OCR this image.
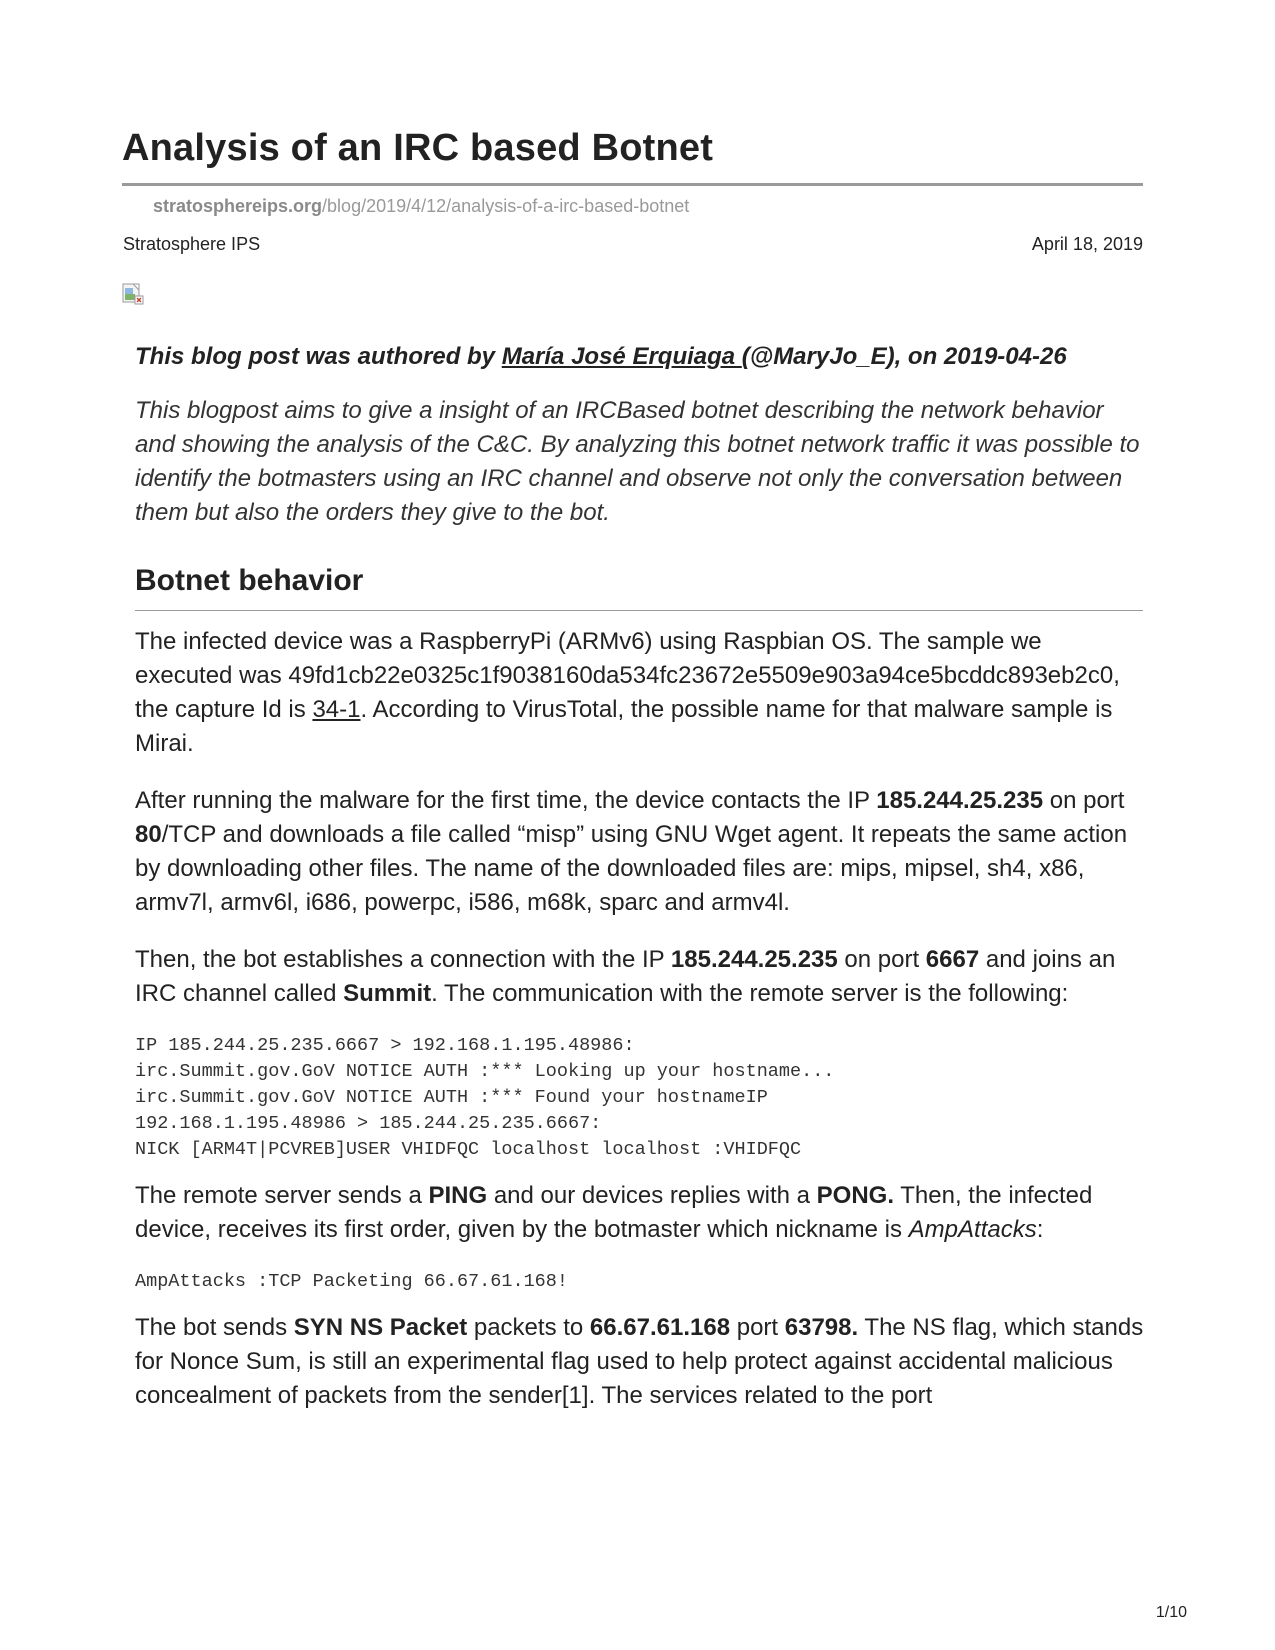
Analysis of an IRC based Botnet
stratosphereips.org/blog/2019/4/12/analysis-of-a-irc-based-botnet
Stratosphere IPS	April 18, 2019

This blog post was authored by María José Erquiaga (@MaryJo_E), on 2019-04-26

This blogpost aims to give a insight of an IRCBased botnet describing the network behavior and showing the analysis of the C&C. By analyzing this botnet network traffic it was possible to identify the botmasters using an IRC channel and observe not only the conversation between them but also the orders they give to the bot.

Botnet behavior

The infected device was a RaspberryPi (ARMv6) using Raspbian OS. The sample we executed was 49fd1cb22e0325c1f9038160da534fc23672e5509e903a94ce5bcddc893eb2c0, the capture Id is 34-1. According to VirusTotal, the possible name for that malware sample is Mirai.

After running the malware for the first time, the device contacts the IP 185.244.25.235 on port 80/TCP and downloads a file called “misp” using GNU Wget agent. It repeats the same action by downloading other files. The name of the downloaded files are: mips, mipsel, sh4, x86, armv7l, armv6l, i686, powerpc, i586, m68k, sparc and armv4l.

Then, the bot establishes a connection with the IP 185.244.25.235 on port 6667 and joins an IRC channel called Summit. The communication with the remote server is the following:

IP 185.244.25.235.6667 > 192.168.1.195.48986:
irc.Summit.gov.GoV NOTICE AUTH :*** Looking up your hostname...
irc.Summit.gov.GoV NOTICE AUTH :*** Found your hostnameIP
192.168.1.195.48986 > 185.244.25.235.6667:
NICK [ARM4T|PCVREB]USER VHIDFQC localhost localhost :VHIDFQC

The remote server sends a PING and our devices replies with a PONG. Then, the infected device, receives its first order, given by the botmaster which nickname is AmpAttacks:

AmpAttacks :TCP Packeting 66.67.61.168!

The bot sends SYN NS Packet packets to 66.67.61.168 port 63798. The NS flag, which stands for Nonce Sum, is still an experimental flag used to help protect against accidental malicious concealment of packets from the sender[1]. The services related to the port

1/10
